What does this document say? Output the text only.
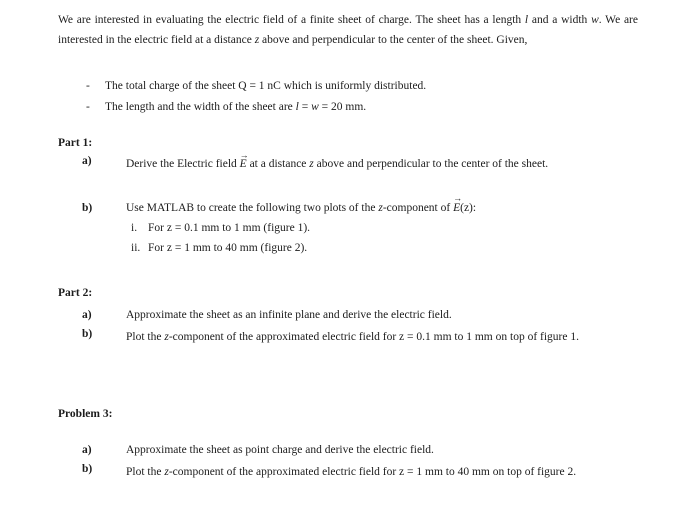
We are interested in evaluating the electric field of a finite sheet of charge. The sheet has a length l and a width w. We are interested in the electric field at a distance z above and perpendicular to the center of the sheet. Given,
- The total charge of the sheet Q = 1 nC which is uniformly distributed.
- The length and the width of the sheet are l = w = 20 mm.
Part 1:
a)	Derive the Electric field → E at a distance z above and perpendicular to the center of the sheet.
b)	Use MATLAB to create the following two plots of the z-component of → E(z):
i. For z = 0.1 mm to 1 mm (figure 1).
ii. For z = 1 mm to 40 mm (figure 2).
Part 2:
a)	Approximate the sheet as an infinite plane and derive the electric field.
b)	Plot the z-component of the approximated electric field for z = 0.1 mm to 1 mm on top of figure 1.
Problem 3:
a)	Approximate the sheet as point charge and derive the electric field.
b)	Plot the z-component of the approximated electric field for z = 1 mm to 40 mm on top of figure 2.
